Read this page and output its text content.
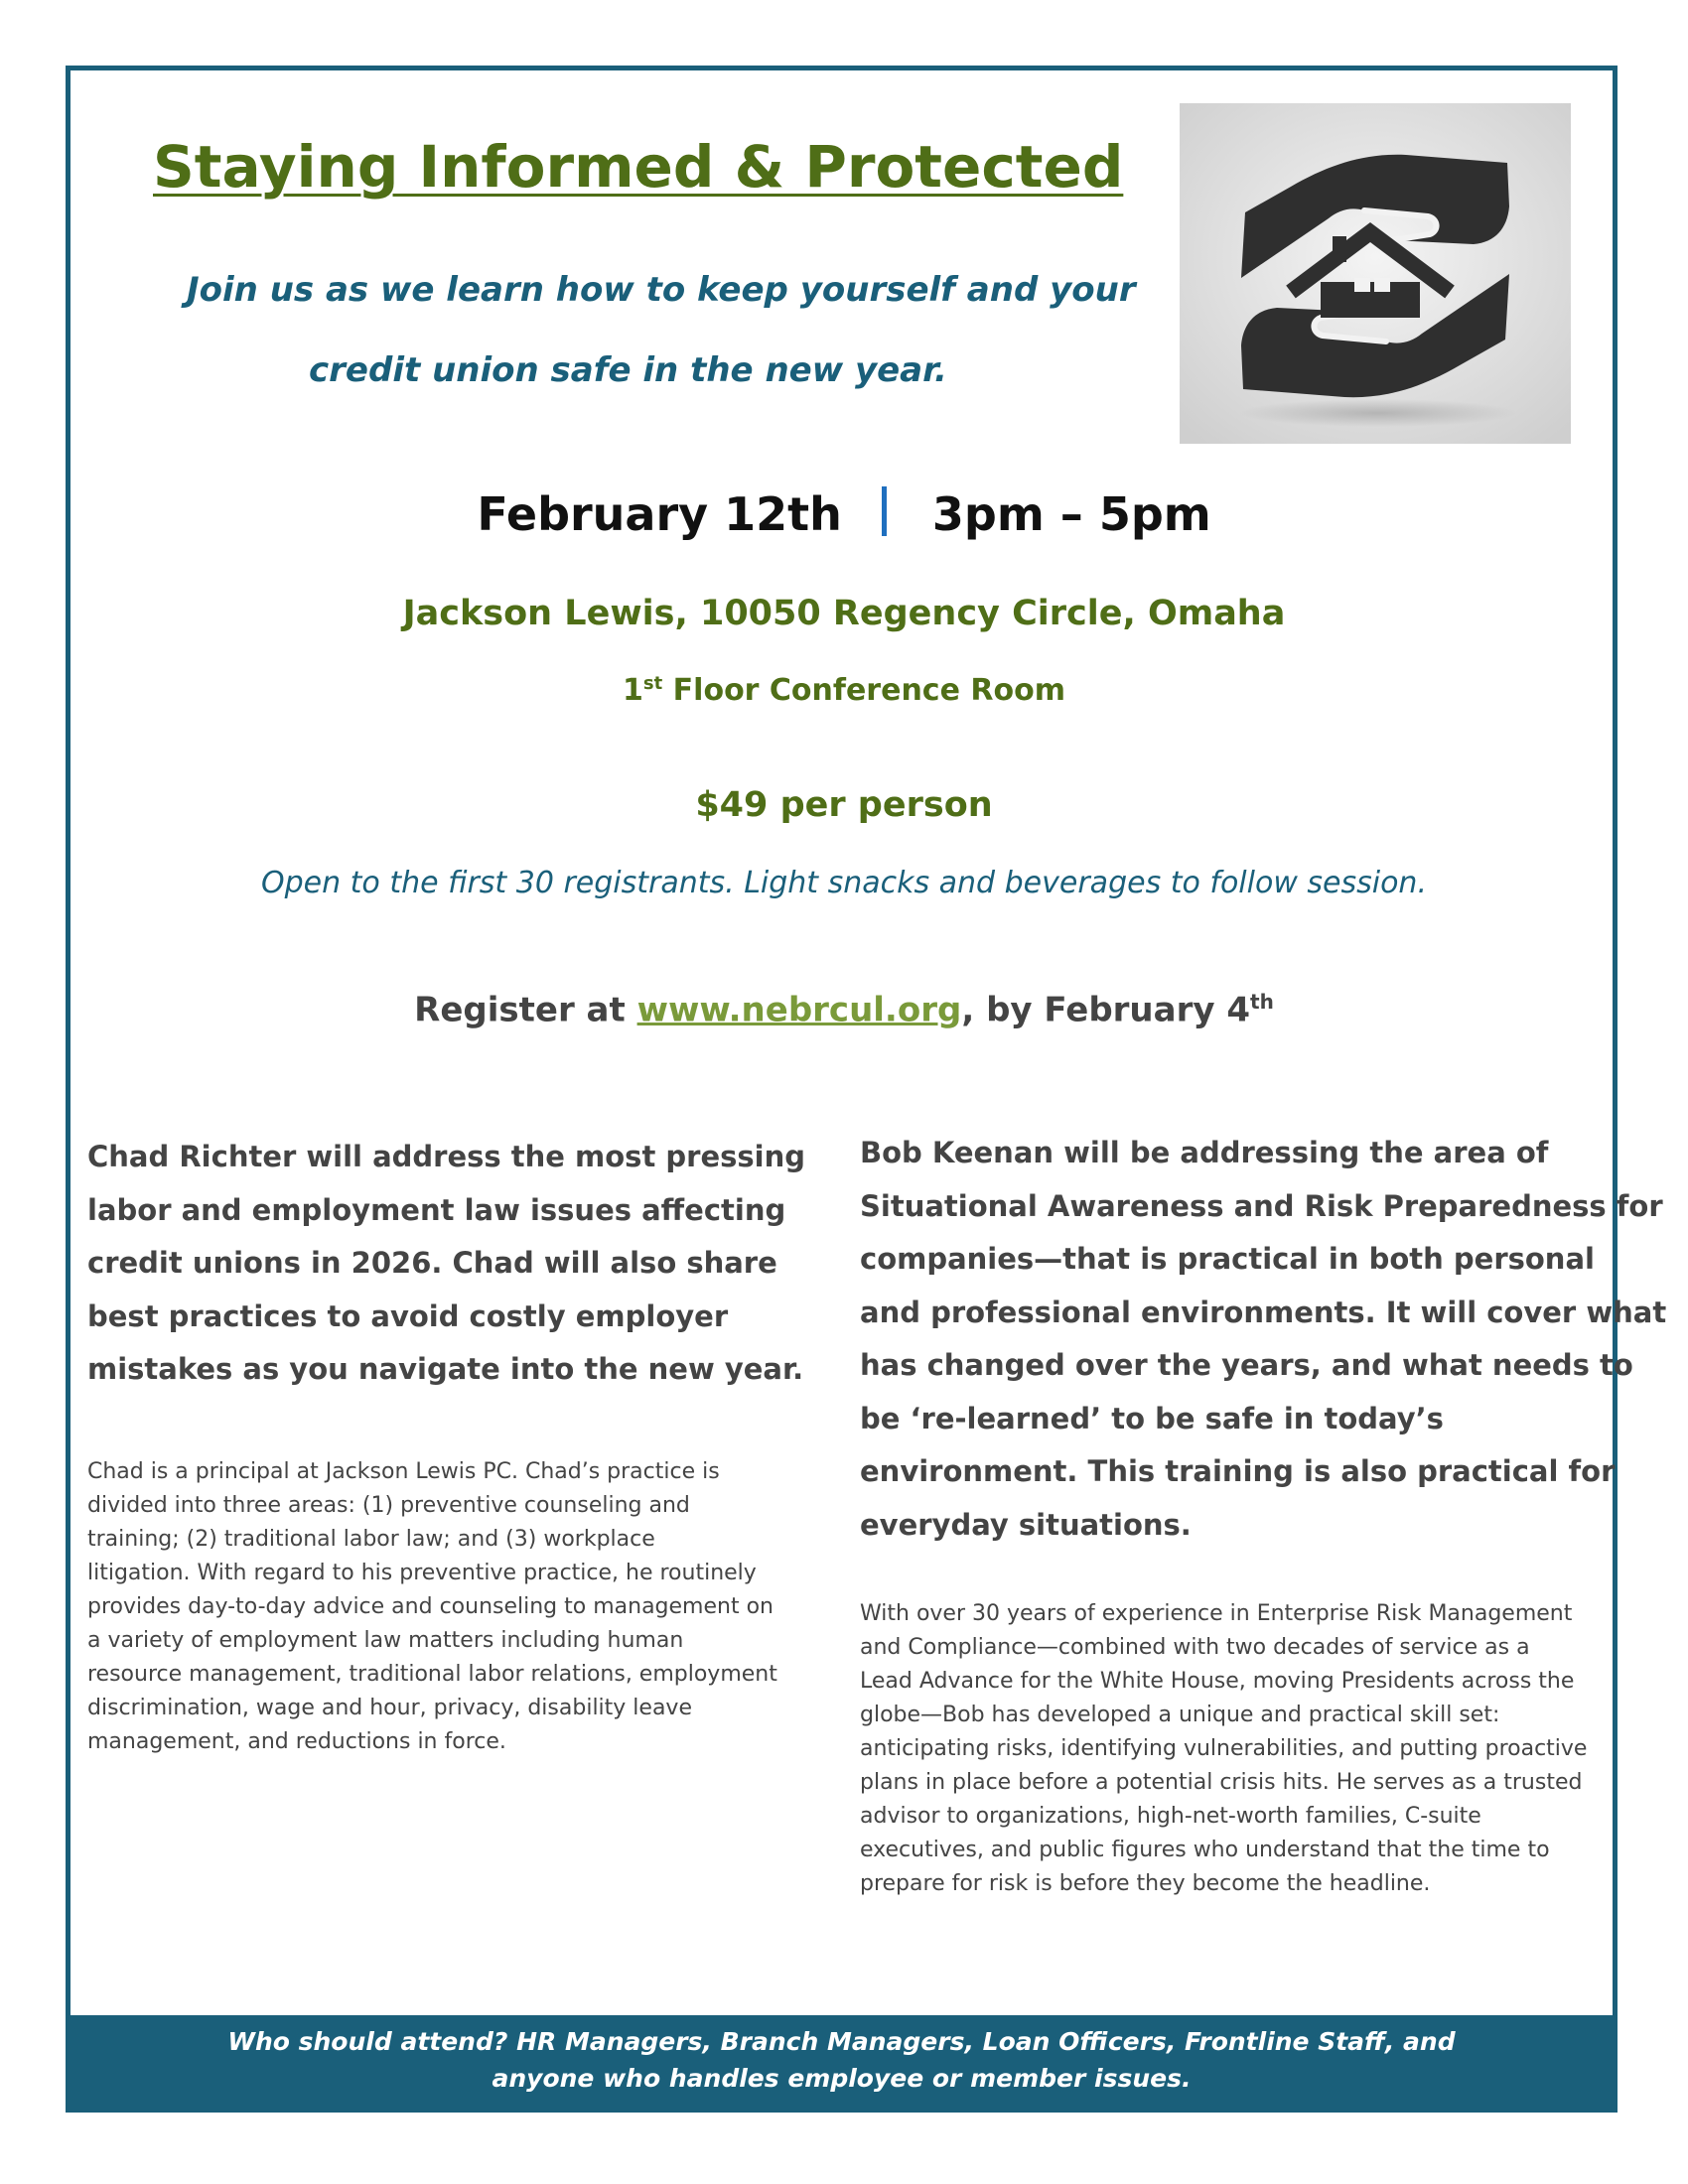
Staying Informed & Protected

Join us as we learn how to keep yourself and your

credit union safe in the new year.

February 12th 3pm – 5pm

Jackson Lewis, 10050 Regency Circle, Omaha

1st Floor Conference Room

$49 per person

Open to the first 30 registrants. Light snacks and beverages to follow session.

Register at www.nebrcul.org, by February 4th

Chad Richter will address the most pressing
labor and employment law issues affecting
credit unions in 2026. Chad will also share
best practices to avoid costly employer
mistakes as you navigate into the new year.

Chad is a principal at Jackson Lewis PC. Chad’s practice is
divided into three areas: (1) preventive counseling and
training; (2) traditional labor law; and (3) workplace
litigation. With regard to his preventive practice, he routinely
provides day-to-day advice and counseling to management on
a variety of employment law matters including human
resource management, traditional labor relations, employment
discrimination, wage and hour, privacy, disability leave
management, and reductions in force.

Bob Keenan will be addressing the area of
Situational Awareness and Risk Preparedness for
companies—that is practical in both personal
and professional environments. It will cover what
has changed over the years, and what needs to
be ‘re-learned’ to be safe in today’s
environment. This training is also practical for
everyday situations.

With over 30 years of experience in Enterprise Risk Management
and Compliance—combined with two decades of service as a
Lead Advance for the White House, moving Presidents across the
globe—Bob has developed a unique and practical skill set:
anticipating risks, identifying vulnerabilities, and putting proactive
plans in place before a potential crisis hits. He serves as a trusted
advisor to organizations, high-net-worth families, C-suite
executives, and public figures who understand that the time to
prepare for risk is before they become the headline.

Who should attend? HR Managers, Branch Managers, Loan Officers, Frontline Staff, and
anyone who handles employee or member issues.
